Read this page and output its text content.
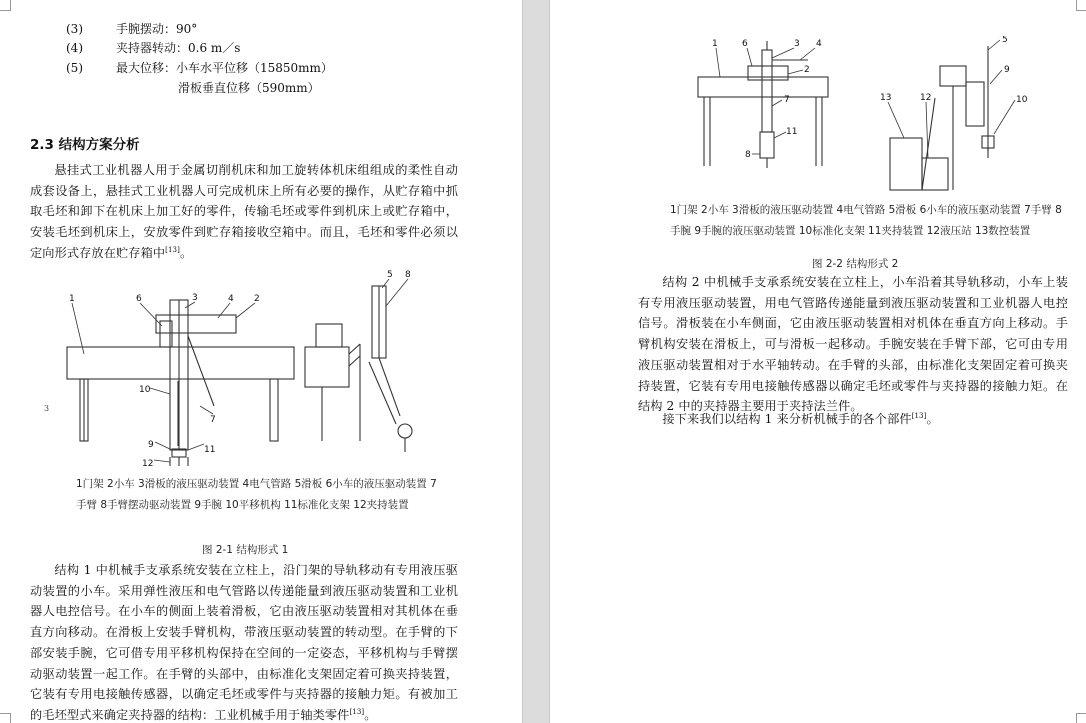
(3)	手腕摆动：90°
(4)	夹持器转动：0.6 m／s
(5)	最大位移：小车水平位移（15850mm）
滑板垂直位移（590mm）
2.3 结构方案分析

悬挂式工业机器人用于金属切削机床和加工旋转体机床组组成的柔性自动成套设备上，悬挂式工业机器人可完成机床上所有必要的操作，从贮存箱中抓取毛坯和卸下在机床上加工好的零件，传输毛坯或零件到机床上或贮存箱中，安装毛坯到机床上，安放零件到贮存箱接收空箱中。而且，毛坯和零件必须以定向形式存放在贮存箱中[13]。

1	2
3	4
5
6
7
8
9
10
11
12

1门架 2小车 3滑板的液压驱动装置 4电气管路 5滑板 6小车的液压驱动装置 7手臂 8手臂摆动驱动装置 9手腕 10平移机构 11标准化支架 12夹持装置

图 2-1 结构形式 1
3

结构 1 中机械手支承系统安装在立柱上，沿门架的导轨移动有专用液压驱动装置的小车。采用弹性液压和电气管路以传递能量到液压驱动装置和工业机器人电控信号。在小车的侧面上装着滑板，它由液压驱动装置相对其机体在垂直方向移动。在滑板上安装手臂机构，带液压驱动装置的转动型。在手臂的下部安装手腕，它可借专用平移机构保持在空间的一定姿态，平移机构与手臂摆动驱动装置一起工作。在手臂的头部中，由标准化支架固定着可换夹持装置，它装有专用电接触传感器，以确定毛坯或零件与夹持器的接触力矩。有被加工的毛坯型式来确定夹持器的结构：工业机械手用于轴类零件[13]。

1
2
3 4	5
6
7
8
9
10
11
12
13

1门架 2小车 3滑板的液压驱动装置 4电气管路 5滑板 6小车的液压驱动装置 7手臂 8手腕 9手腕的液压驱动装置 10标准化支架 11夹持装置 12液压站 13数控装置

图 2-2 结构形式 2

结构 2 中机械手支承系统安装在立柱上，小车沿着其导轨移动，小车上装有专用液压驱动装置，用电气管路传递能量到液压驱动装置和工业机器人电控信号。滑板装在小车侧面，它由液压驱动装置相对机体在垂直方向上移动。手臂机构安装在滑板上，可与滑板一起移动。手腕安装在手臂下部，它可由专用液压驱动装置相对于水平轴转动。在手臂的头部，由标准化支架固定着可换夹持装置，它装有专用电接触传感器以确定毛坯或零件与夹持器的接触力矩。在结构 2 中的夹持器主要用于夹持法兰件。

接下来我们以结构 1 来分析机械手的各个部件[13]。
